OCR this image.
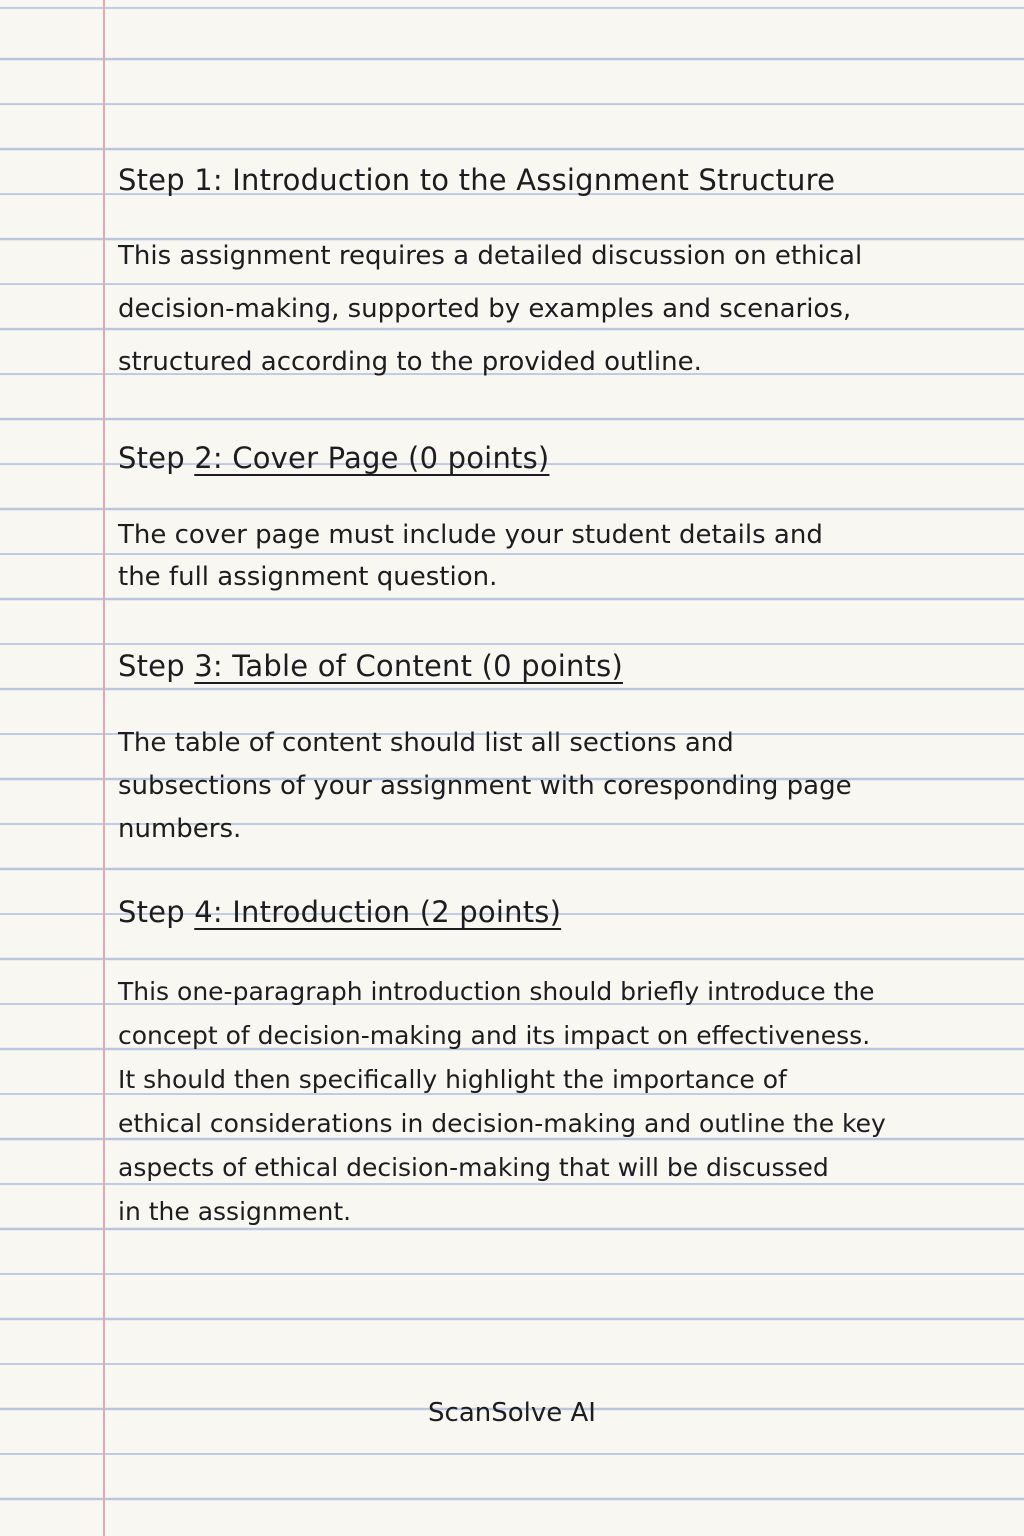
Step 1: Introduction to the Assignment Structure
This assignment requires a detailed discussion on ethical
decision-making, supported by examples and scenarios,
structured according to the provided outline.
Step 2: Cover Page (0 points)
The cover page must include your student details and
the full assignment question.
Step 3: Table of Content (0 points)
The table of content should list all sections and
subsections of your assignment with coresponding page
numbers.
Step 4: Introduction (2 points)
This one-paragraph introduction should briefly introduce the
concept of decision-making and its impact on effectiveness.
It should then specifically highlight the importance of
ethical considerations in decision-making and outline the key
aspects of ethical decision-making that will be discussed
in the assignment.
ScanSolve AI
